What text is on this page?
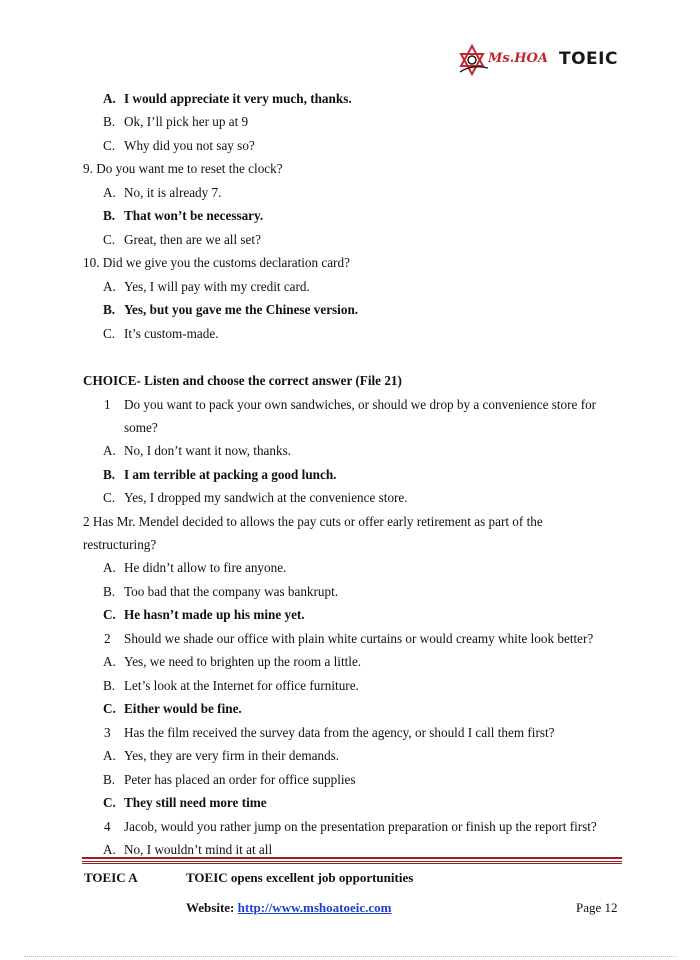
Ms.HOA TOEIC
A. I would appreciate it very much, thanks.
B. Ok, I’ll pick her up at 9
C. Why did you not say so?
9. Do you want me to reset the clock?
A. No, it is already 7.
B. That won’t be necessary.
C. Great, then are we all set?
10. Did we give you the customs declaration card?
A. Yes, I will pay with my credit card.
B. Yes, but you gave me the Chinese version.
C. It’s custom-made.
CHOICE- Listen and choose the correct answer (File 21)
1 Do you want to pack your own sandwiches, or should we drop by a convenience store for
some?
A. No, I don’t want it now, thanks.
B. I am terrible at packing a good lunch.
C. Yes, I dropped my sandwich at the convenience store.
2 Has Mr. Mendel decided to allows the pay cuts or offer early retirement as part of the
restructuring?
A. He didn’t allow to fire anyone.
B. Too bad that the company was bankrupt.
C. He hasn’t made up his mine yet.
2 Should we shade our office with plain white curtains or would creamy white look better?
A. Yes, we need to brighten up the room a little.
B. Let’s look at the Internet for office furniture.
C. Either would be fine.
3 Has the film received the survey data from the agency, or should I call them first?
A. Yes, they are very firm in their demands.
B. Peter has placed an order for office supplies
C. They still need more time
4 Jacob, would you rather jump on the presentation preparation or finish up the report first?
A. No, I wouldn’t mind it at all
TOEIC A	TOEIC opens excellent job opportunities
Website: http://www.mshoatoeic.com	Page 12
